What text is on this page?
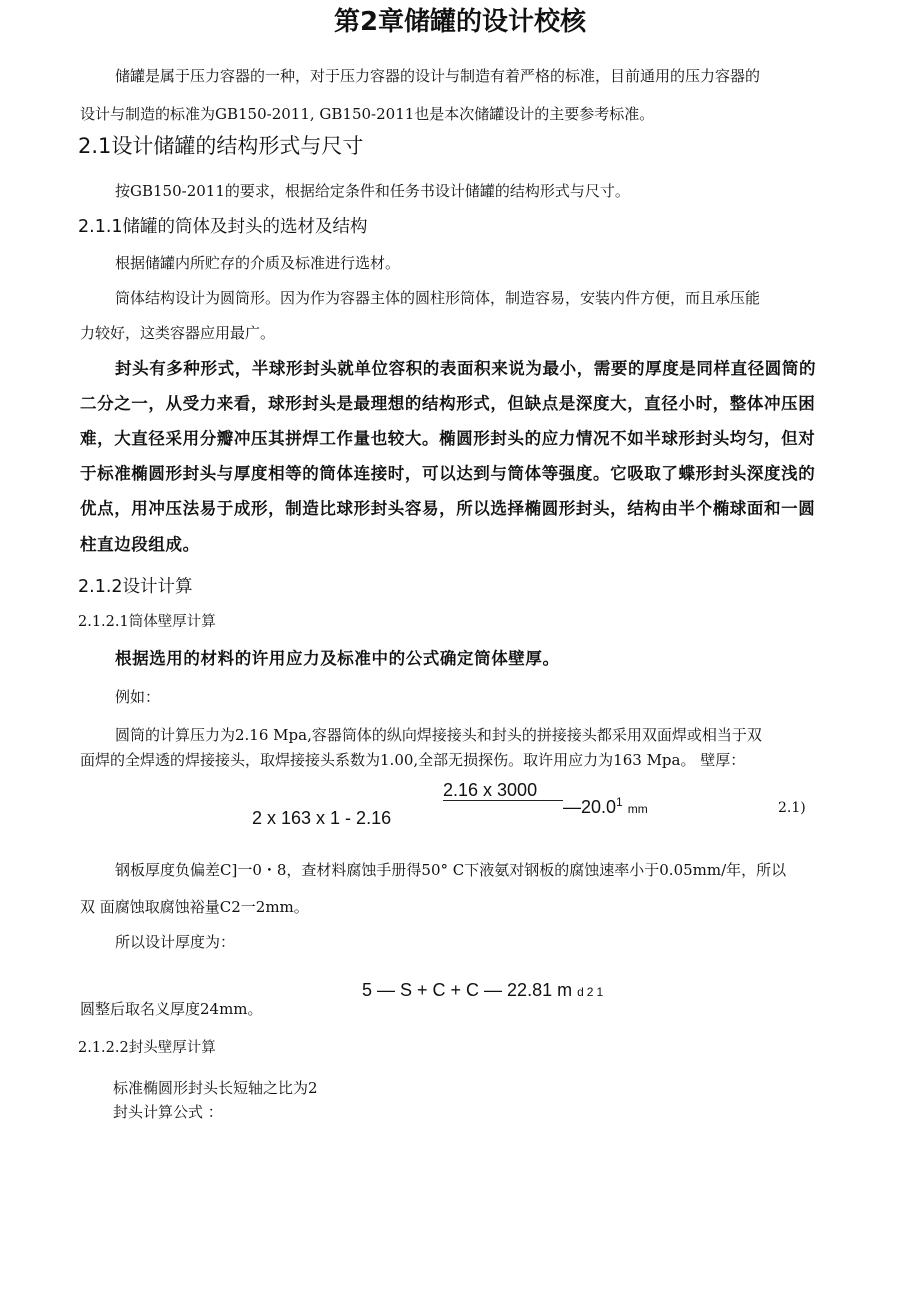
第2章储罐的设计校核
储罐是属于压力容器的一种，对于压力容器的设计与制造有着严格的标准，目前通用的压力容器的
设计与制造的标准为GB150-2011, GB150-2011也是本次储罐设计的主要参考标准。
2.1设计储罐的结构形式与尺寸
按GB150-2011的要求，根据给定条件和任务书设计储罐的结构形式与尺寸。
2.1.1储罐的筒体及封头的选材及结构
根据储罐内所贮存的介质及标准进行选材。
筒体结构设计为圆筒形。因为作为容器主体的圆柱形筒体，制造容易，安装内件方便，而且承压能
力较好，这类容器应用最广。
封头有多种形式，半球形封头就单位容积的表面积来说为最小，需要的厚度是同样直径圆筒的
二分之一，从受力来看，球形封头是最理想的结构形式，但缺点是深度大，直径小时，整体冲压困
难，大直径采用分瓣冲压其拼焊工作量也较大。椭圆形封头的应力情况不如半球形封头均匀，但对
于标准椭圆形封头与厚度相等的筒体连接时，可以达到与筒体等强度。它吸取了蝶形封头深度浅的
优点，用冲压法易于成形，制造比球形封头容易，所以选择椭圆形封头，结构由半个椭球面和一圆
柱直边段组成。
2.1.2设计计算
2.1.2.1筒体壁厚计算
根据选用的材料的许用应力及标准中的公式确定筒体壁厚。
例如：
圆筒的计算压力为2.16 Mpa,容器筒体的纵向焊接接头和封头的拼接接头都采用双面焊或相当于双
面焊的全焊透的焊接接头，取焊接接头系数为1.00,全部无损探伤。取许用应力为163 Mpa。 壁厚：
2.16 x 3000
—20.0$^1$ mm
2 x 163 x 1 - 2.16	2.1)
钢板厚度负偏差C]一0・8，查材料腐蚀手册得50° C下液氨对钢板的腐蚀速率小于0.05mm/年，所以
双 面腐蚀取腐蚀裕量C2一2mm。
所以设计厚度为：
5 — S + C + C — 22.81 m d21
圆整后取名义厚度24mm。
2.1.2.2封头壁厚计算
标准椭圆形封头长短轴之比为2
封头计算公式 ：
